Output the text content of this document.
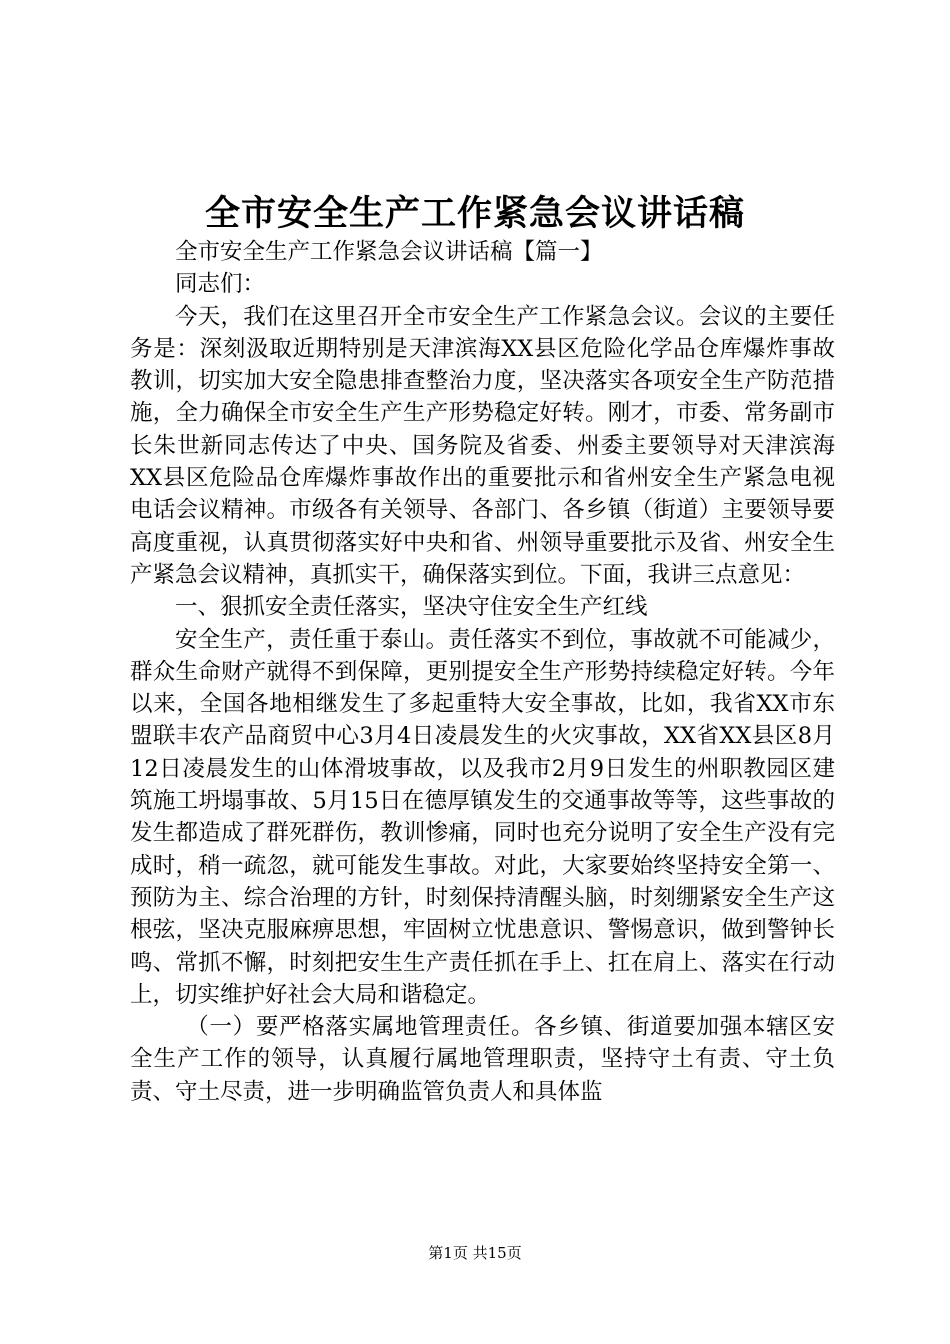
全市安全生产工作紧急会议讲话稿

全市安全生产工作紧急会议讲话稿【篇一】

同志们：

今天，我们在这里召开全市安全生产工作紧急会议。会议的主要任务是：深刻汲取近期特别是天津滨海XX县区危险化学品仓库爆炸事故教训，切实加大安全隐患排查整治力度，坚决落实各项安全生产防范措施，全力确保全市安全生产生产形势稳定好转。刚才，市委、常务副市长朱世新同志传达了中央、国务院及省委、州委主要领导对天津滨海XX县区危险品仓库爆炸事故作出的重要批示和省州安全生产紧急电视电话会议精神。市级各有关领导、各部门、各乡镇（街道）主要领导要高度重视，认真贯彻落实好中央和省、州领导重要批示及省、州安全生产紧急会议精神，真抓实干，确保落实到位。下面，我讲三点意见：

一、狠抓安全责任落实，坚决守住安全生产红线

安全生产，责任重于泰山。责任落实不到位，事故就不可能减少，群众生命财产就得不到保障，更别提安全生产形势持续稳定好转。今年以来，全国各地相继发生了多起重特大安全事故，比如，我省XX市东盟联丰农产品商贸中心3月4日凌晨发生的火灾事故，XX省XX县区8月12日凌晨发生的山体滑坡事故，以及我市2月9日发生的州职教园区建筑施工坍塌事故、5月15日在德厚镇发生的交通事故等等，这些事故的发生都造成了群死群伤，教训惨痛，同时也充分说明了安全生产没有完成时，稍一疏忽，就可能发生事故。对此，大家要始终坚持安全第一、预防为主、综合治理的方针，时刻保持清醒头脑，时刻绷紧安全生产这根弦，坚决克服麻痹思想，牢固树立忧患意识、警惕意识，做到警钟长鸣、常抓不懈，时刻把安生生产责任抓在手上、扛在肩上、落实在行动上，切实维护好社会大局和谐稳定。

（一）要严格落实属地管理责任。各乡镇、街道要加强本辖区安全生产工作的领导，认真履行属地管理职责，坚持守土有责、守土负责、守土尽责，进一步明确监管负责人和具体监

第1页 共15页
